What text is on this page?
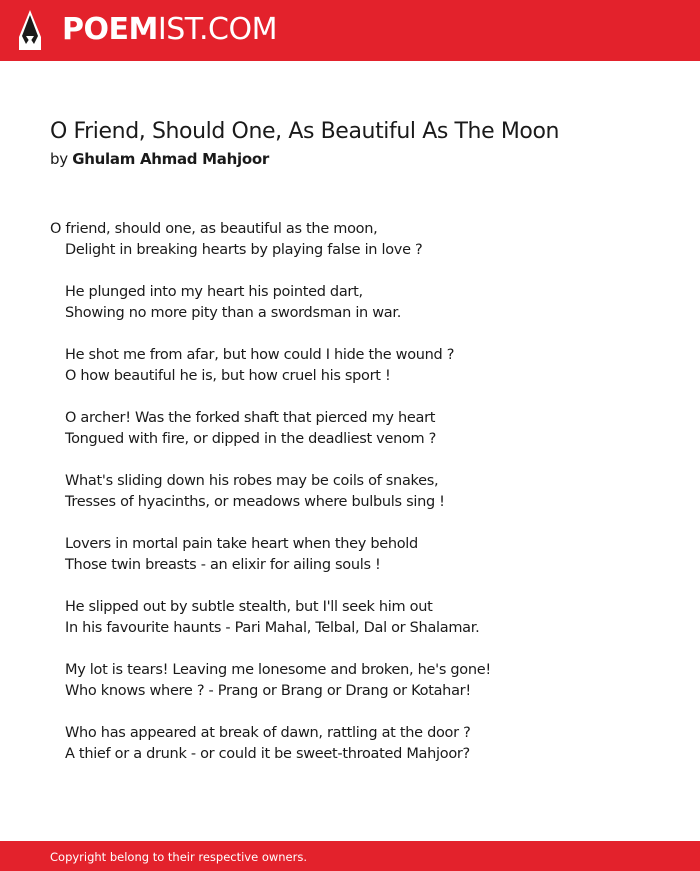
POEMIST.COM
O Friend, Should One, As Beautiful As The Moon
by Ghulam Ahmad Mahjoor
O friend, should one, as beautiful as the moon,
Delight in breaking hearts by playing false in love ?
He plunged into my heart his pointed dart,
Showing no more pity than a swordsman in war.
He shot me from afar, but how could I hide the wound ?
O how beautiful he is, but how cruel his sport !
O archer! Was the forked shaft that pierced my heart
Tongued with fire, or dipped in the deadliest venom ?
What's sliding down his robes may be coils of snakes,
Tresses of hyacinths, or meadows where bulbuls sing !
Lovers in mortal pain take heart when they behold
Those twin breasts - an elixir for ailing souls !
He slipped out by subtle stealth, but I'll seek him out
In his favourite haunts - Pari Mahal, Telbal, Dal or Shalamar.
My lot is tears! Leaving me lonesome and broken, he's gone!
Who knows where ? - Prang or Brang or Drang or Kotahar!
Who has appeared at break of dawn, rattling at the door ?
A thief or a drunk - or could it be sweet-throated Mahjoor?
Copyright belong to their respective owners.
